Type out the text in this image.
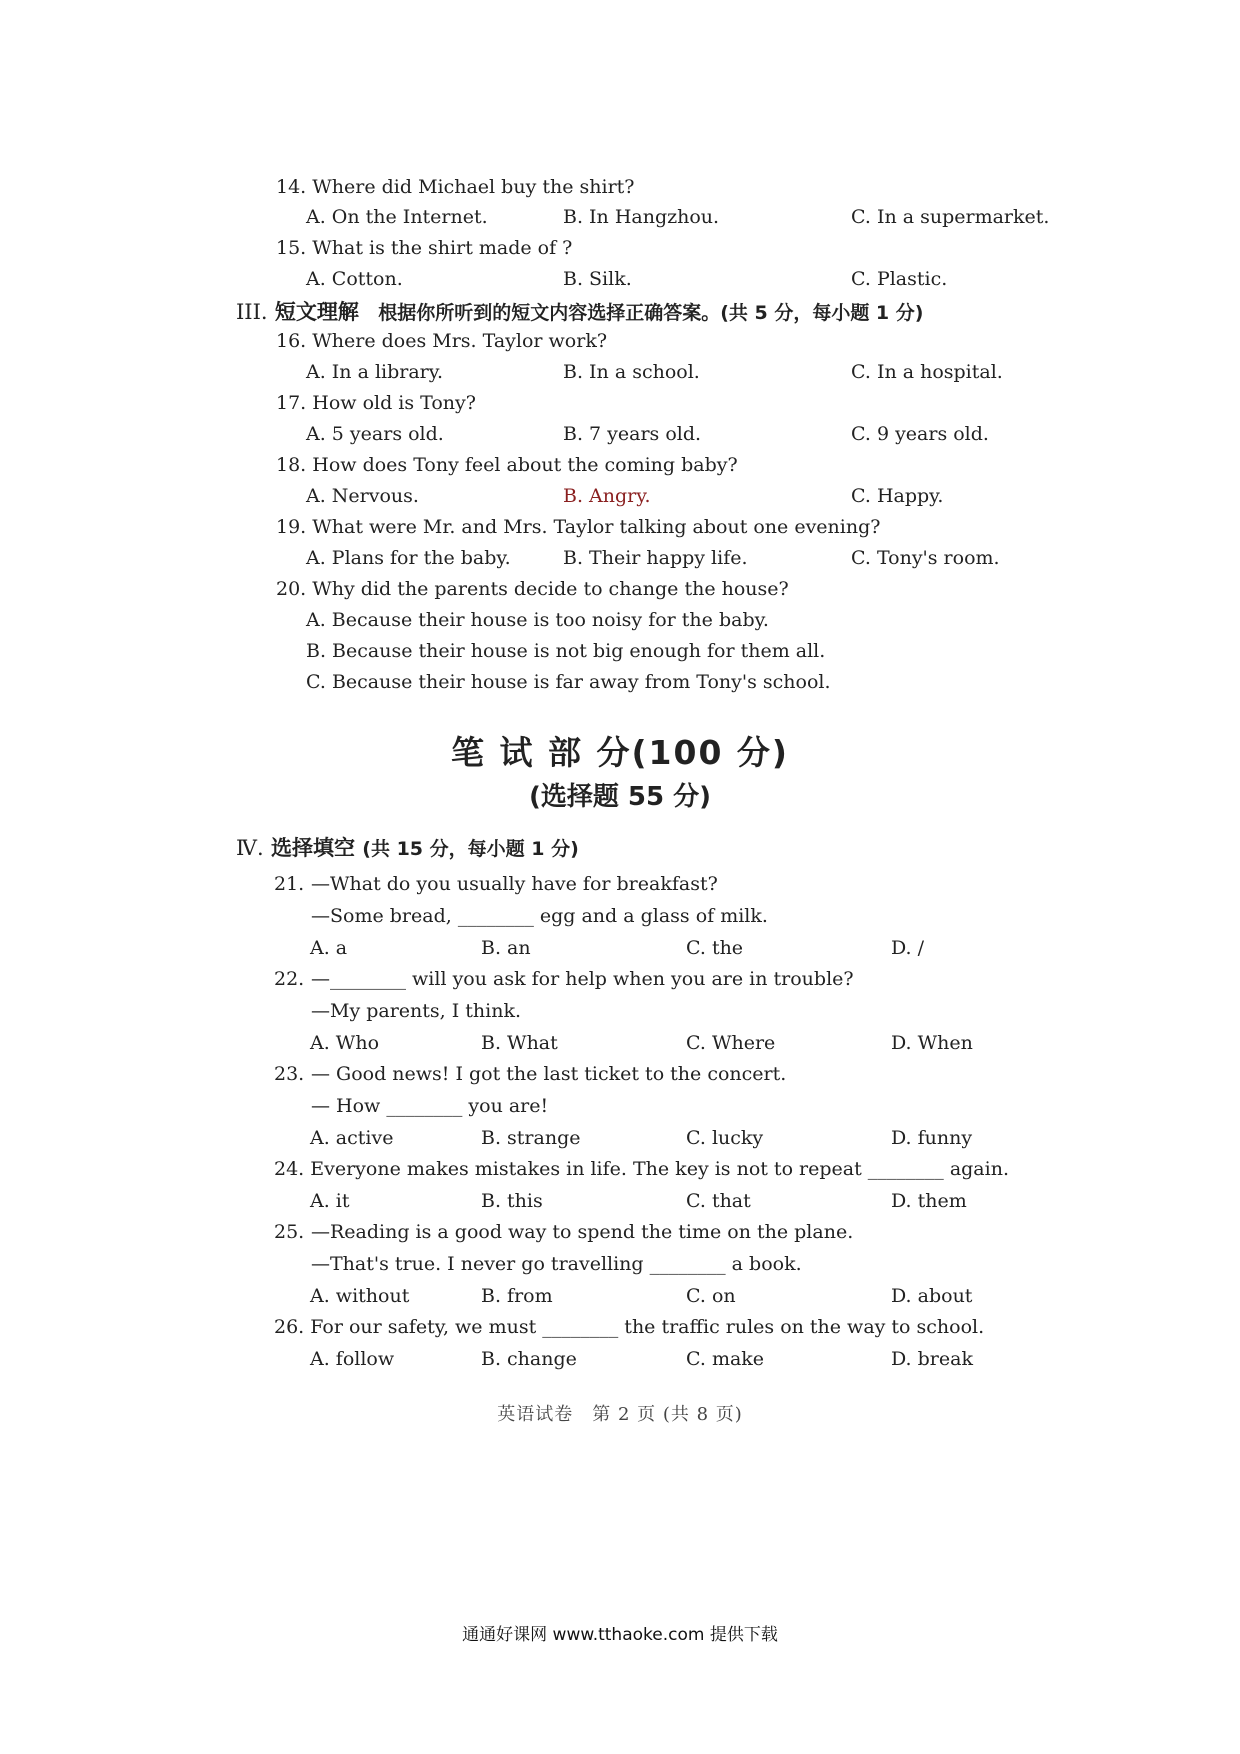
14. Where did Michael buy the shirt?
A. On the Internet.	B. In Hangzhou.	C. In a supermarket.
15. What is the shirt made of ?
A. Cotton.	B. Silk.	C. Plastic.
III. 短文理解 根据你所听到的短文内容选择正确答案。(共 5 分，每小题 1 分)
16. Where does Mrs. Taylor work?
A. In a library.	B. In a school.	C. In a hospital.
17. How old is Tony?
A. 5 years old.	B. 7 years old.	C. 9 years old.
18. How does Tony feel about the coming baby?
A. Nervous.	B. Angry.	C. Happy.
19. What were Mr. and Mrs. Taylor talking about one evening?
A. Plans for the baby.	B. Their happy life.	C. Tony's room.
20. Why did the parents decide to change the house?
A. Because their house is too noisy for the baby.
B. Because their house is not big enough for them all.
C. Because their house is far away from Tony's school.
笔 试 部 分(100 分)
(选择题 55 分)
Ⅳ. 选择填空 (共 15 分，每小题 1 分)
21. —What do you usually have for breakfast?
—Some bread, ________ egg and a glass of milk.
A. a	B. an	C. the	D. /
22. —________ will you ask for help when you are in trouble?
—My parents, I think.
A. Who	B. What	C. Where	D. When
23. — Good news! I got the last ticket to the concert.
— How ________ you are!
A. active	B. strange	C. lucky	D. funny
24. Everyone makes mistakes in life. The key is not to repeat ________ again.
A. it	B. this	C. that	D. them
25. —Reading is a good way to spend the time on the plane.
—That's true. I never go travelling ________ a book.
A. without	B. from	C. on	D. about
26. For our safety, we must ________ the traffic rules on the way to school.
A. follow	B. change	C. make	D. break
英语试卷　第 2 页 (共 8 页)
通通好课网 www.tthaoke.com 提供下载
